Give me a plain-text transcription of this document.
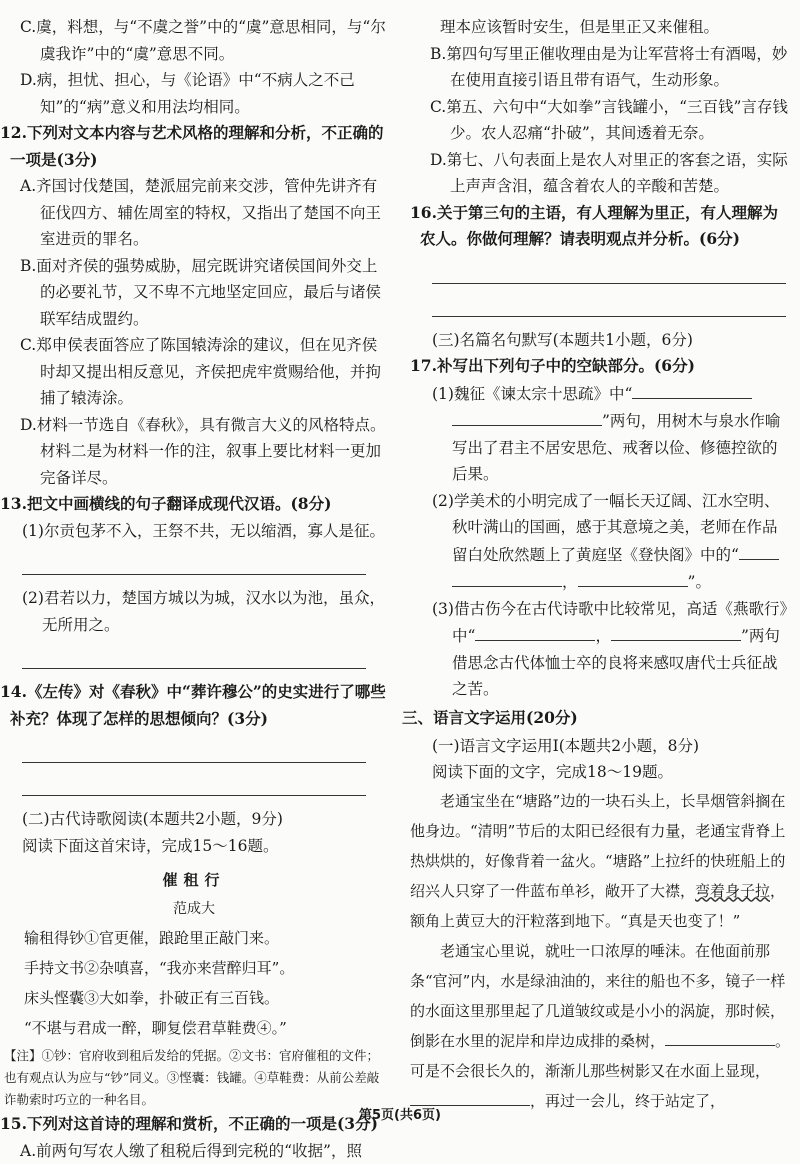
C.虞，料想，与“不虞之誉”中的“虞”意思相同，与“尔虞我诈”中的“虞”意思不同。

D.病，担忧、担心，与《论语》中“不病人之不己知”的“病”意义和用法均相同。

12.下列对文本内容与艺术风格的理解和分析，不正确的一项是(3分)

A.齐国讨伐楚国，楚派屈完前来交涉，管仲先讲齐有征伐四方、辅佐周室的特权，又指出了楚国不向王室进贡的罪名。

B.面对齐侯的强势威胁，屈完既讲究诸侯国间外交上的必要礼节，又不卑不亢地坚定回应，最后与诸侯联军结成盟约。

C.郑申侯表面答应了陈国辕涛涂的建议，但在见齐侯时却又提出相反意见，齐侯把虎牢赏赐给他，并拘捕了辕涛涂。

D.材料一节选自《春秋》，具有微言大义的风格特点。材料二是为材料一作的注，叙事上要比材料一更加完备详尽。

13.把文中画横线的句子翻译成现代汉语。(8分)

(1)尔贡包茅不入，王祭不共，无以缩酒，寡人是征。

(2)君若以力，楚国方城以为城，汉水以为池，虽众，无所用之。

14.《左传》对《春秋》中“葬许穆公”的史实进行了哪些补充？体现了怎样的思想倾向？(3分)

(二)古代诗歌阅读(本题共2小题，9分)

阅读下面这首宋诗，完成15～16题。

催租行
范成大
输租得钞①官更催，踉跄里正敲门来。
手持文书②杂嗔喜，“我亦来营醉归耳”。
床头悭囊③大如拳，扑破正有三百钱。
“不堪与君成一醉，聊复偿君草鞋费④。”

【注】①钞：官府收到租后发给的凭据。②文书：官府催租的文件；也有观点认为应与“钞”同义。③悭囊：钱罐。④草鞋费：从前公差敲诈勒索时巧立的一种名目。

15.下列对这首诗的理解和赏析，不正确的一项是(3分)

A.前两句写农人缴了租税后得到完税的“收据”，照

理本应该暂时安生，但是里正又来催租。

B.第四句写里正催收理由是为让军营将士有酒喝，妙在使用直接引语且带有语气，生动形象。

C.第五、六句中“大如拳”言钱罐小，“三百钱”言存钱少。农人忍痛“扑破”，其间透着无奈。

D.第七、八句表面上是农人对里正的客套之语，实际上声声含泪，蕴含着农人的辛酸和苦楚。

16.关于第三句的主语，有人理解为里正，有人理解为农人。你做何理解？请表明观点并分析。(6分)

(三)名篇名句默写(本题共1小题，6分)

17.补写出下列句子中的空缺部分。(6分)

(1)魏征《谏太宗十思疏》中“”两句，用树木与泉水作喻写出了君主不居安思危、戒奢以俭、修德控欲的后果。

(2)学美术的小明完成了一幅长天辽阔、江水空明、秋叶满山的国画，感于其意境之美，老师在作品留白处欣然题上了黄庭坚《登快阁》中的“，	”。

(3)借古伤今在古代诗歌中比较常见，高适《燕歌行》中“	，	”两句借思念古代体恤士卒的良将来感叹唐代士兵征战之苦。

三、语言文字运用(20分)

(一)语言文字运用Ⅰ(本题共2小题，8分)

阅读下面的文字，完成18～19题。

老通宝坐在“塘路”边的一块石头上，长旱烟管斜搁在他身边。“清明”节后的太阳已经很有力量，老通宝背脊上热烘烘的，好像背着一盆火。“塘路”上拉纤的快班船上的绍兴人只穿了一件蓝布单衫，敞开了大襟，弯着身子拉，额角上黄豆大的汗粒落到地下。“真是天也变了！”

老通宝心里说，就吐一口浓厚的唾沫。在他面前那条“官河”内，水是绿油油的，来往的船也不多，镜子一样的水面这里那里起了几道皱纹或是小小的涡旋，那时候，倒影在水里的泥岸和岸边成排的桑树，	。可是不会很长久的，渐渐儿那些树影又在水面上显现，，再过一会儿，终于站定了，

第5页(共6页)
